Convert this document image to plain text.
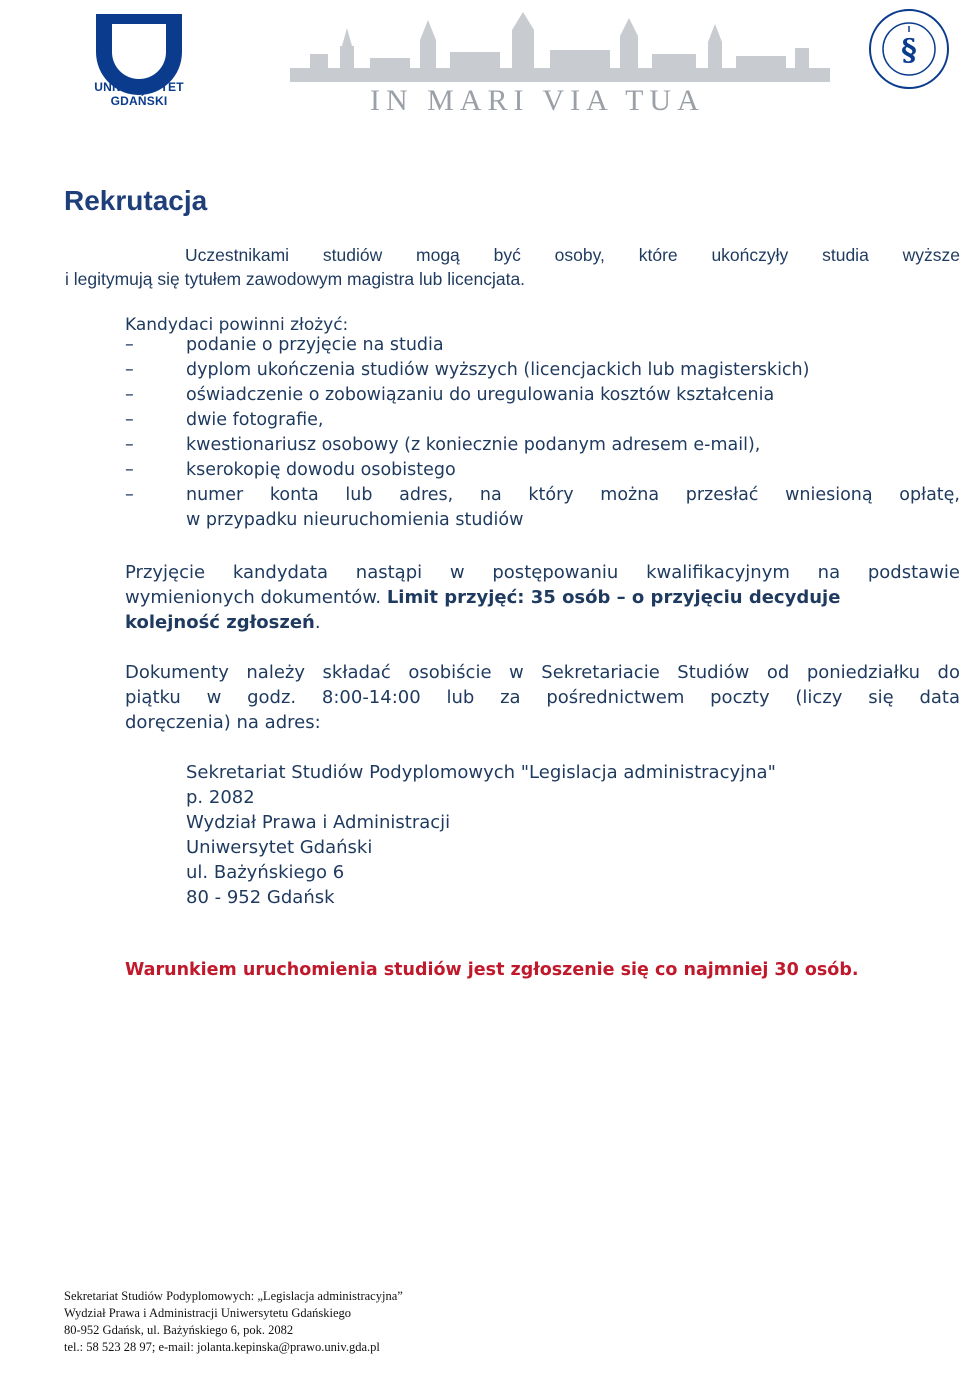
UNIWERSYTET GDAŃSKI	IN MARI VIA TUA
§
Rekrutacja
Uczestnikami studiów mogą być osoby, które ukończyły studia wyższe
i legitymują się tytułem zawodowym magistra lub licencjata.
Kandydaci powinni złożyć:
–	podanie o przyjęcie na studia
–	dyplom ukończenia studiów wyższych (licencjackich lub magisterskich)
–	oświadczenie o zobowiązaniu do uregulowania kosztów kształcenia
–	dwie fotografie,
–	kwestionariusz osobowy (z koniecznie podanym adresem e-mail),
–	kserokopię dowodu osobistego
–	numer konta lub adres, na który można przesłać wniesioną opłatę,
w przypadku nieuruchomienia studiów
Przyjęcie kandydata nastąpi w postępowaniu kwalifikacyjnym na podstawie
wymienionych dokumentów. Limit przyjęć: 35 osób – o przyjęciu decyduje
kolejność zgłoszeń.
Dokumenty należy składać osobiście w Sekretariacie Studiów od poniedziałku do
piątku w godz. 8:00-14:00 lub za pośrednictwem poczty (liczy się data
doręczenia) na adres:
Sekretariat Studiów Podyplomowych "Legislacja administracyjna"
p. 2082
Wydział Prawa i Administracji
Uniwersytet Gdański
ul. Bażyńskiego 6
80 - 952 Gdańsk
Warunkiem uruchomienia studiów jest zgłoszenie się co najmniej 30 osób.
Sekretariat Studiów Podyplomowych: „Legislacja administracyjna”
Wydział Prawa i Administracji Uniwersytetu Gdańskiego
80-952 Gdańsk, ul. Bażyńskiego 6, pok. 2082
tel.: 58 523 28 97; e-mail: jolanta.kepinska@prawo.univ.gda.pl
